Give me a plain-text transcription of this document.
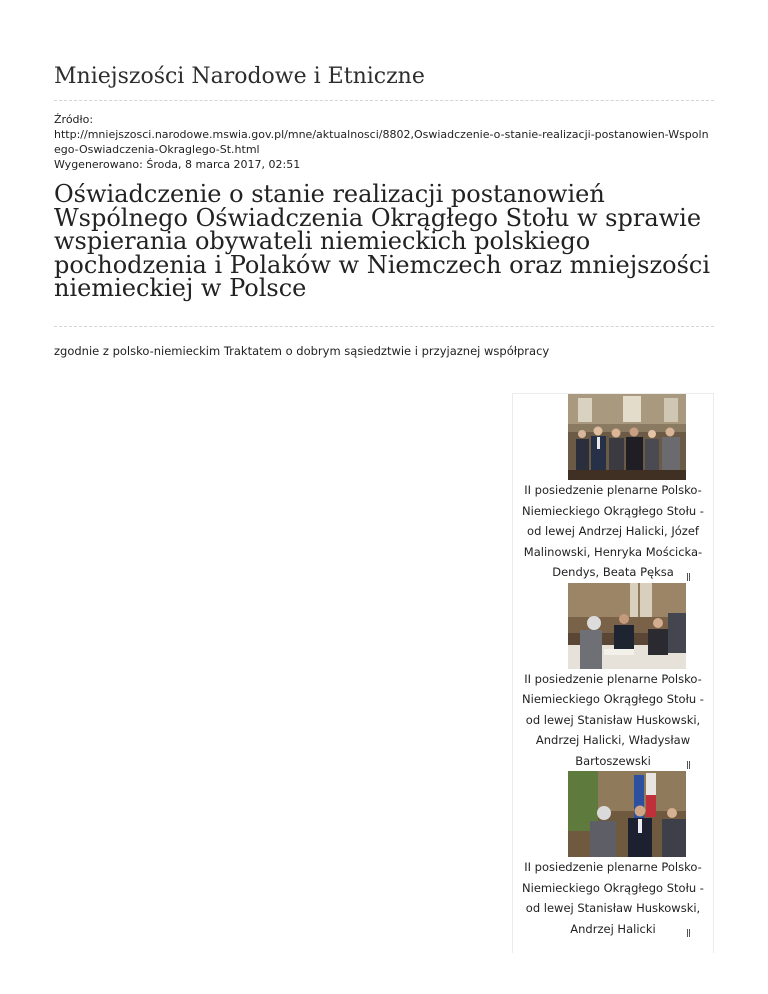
Mniejszości Narodowe i Etniczne
Źródło:
http://mniejszosci.narodowe.mswia.gov.pl/mne/aktualnosci/8802,Oswiadczenie-o-stanie-realizacji-postanowien-Wspolnego-Oswiadczenia-Okraglego-St.html
Wygenerowano: Środa, 8 marca 2017, 02:51
Oświadczenie o stanie realizacji postanowień Wspólnego Oświadczenia Okrągłego Stołu w sprawie wspierania obywateli niemieckich polskiego pochodzenia i Polaków w Niemczech oraz mniejszości niemieckiej w Polsce
zgodnie z polsko-niemieckim Traktatem o dobrym sąsiedztwie i przyjaznej współpracy

II posiedzenie plenarne Polsko-Niemieckiego Okrągłego Stołu - od lewej Andrzej Halicki, Józef Malinowski, Henryka Mościcka-Dendys, Beata Pęksa

II posiedzenie plenarne Polsko-Niemieckiego Okrągłego Stołu - od lewej Stanisław Huskowski, Andrzej Halicki, Władysław Bartoszewski

II posiedzenie plenarne Polsko-Niemieckiego Okrągłego Stołu - od lewej Stanisław Huskowski, Andrzej Halicki
